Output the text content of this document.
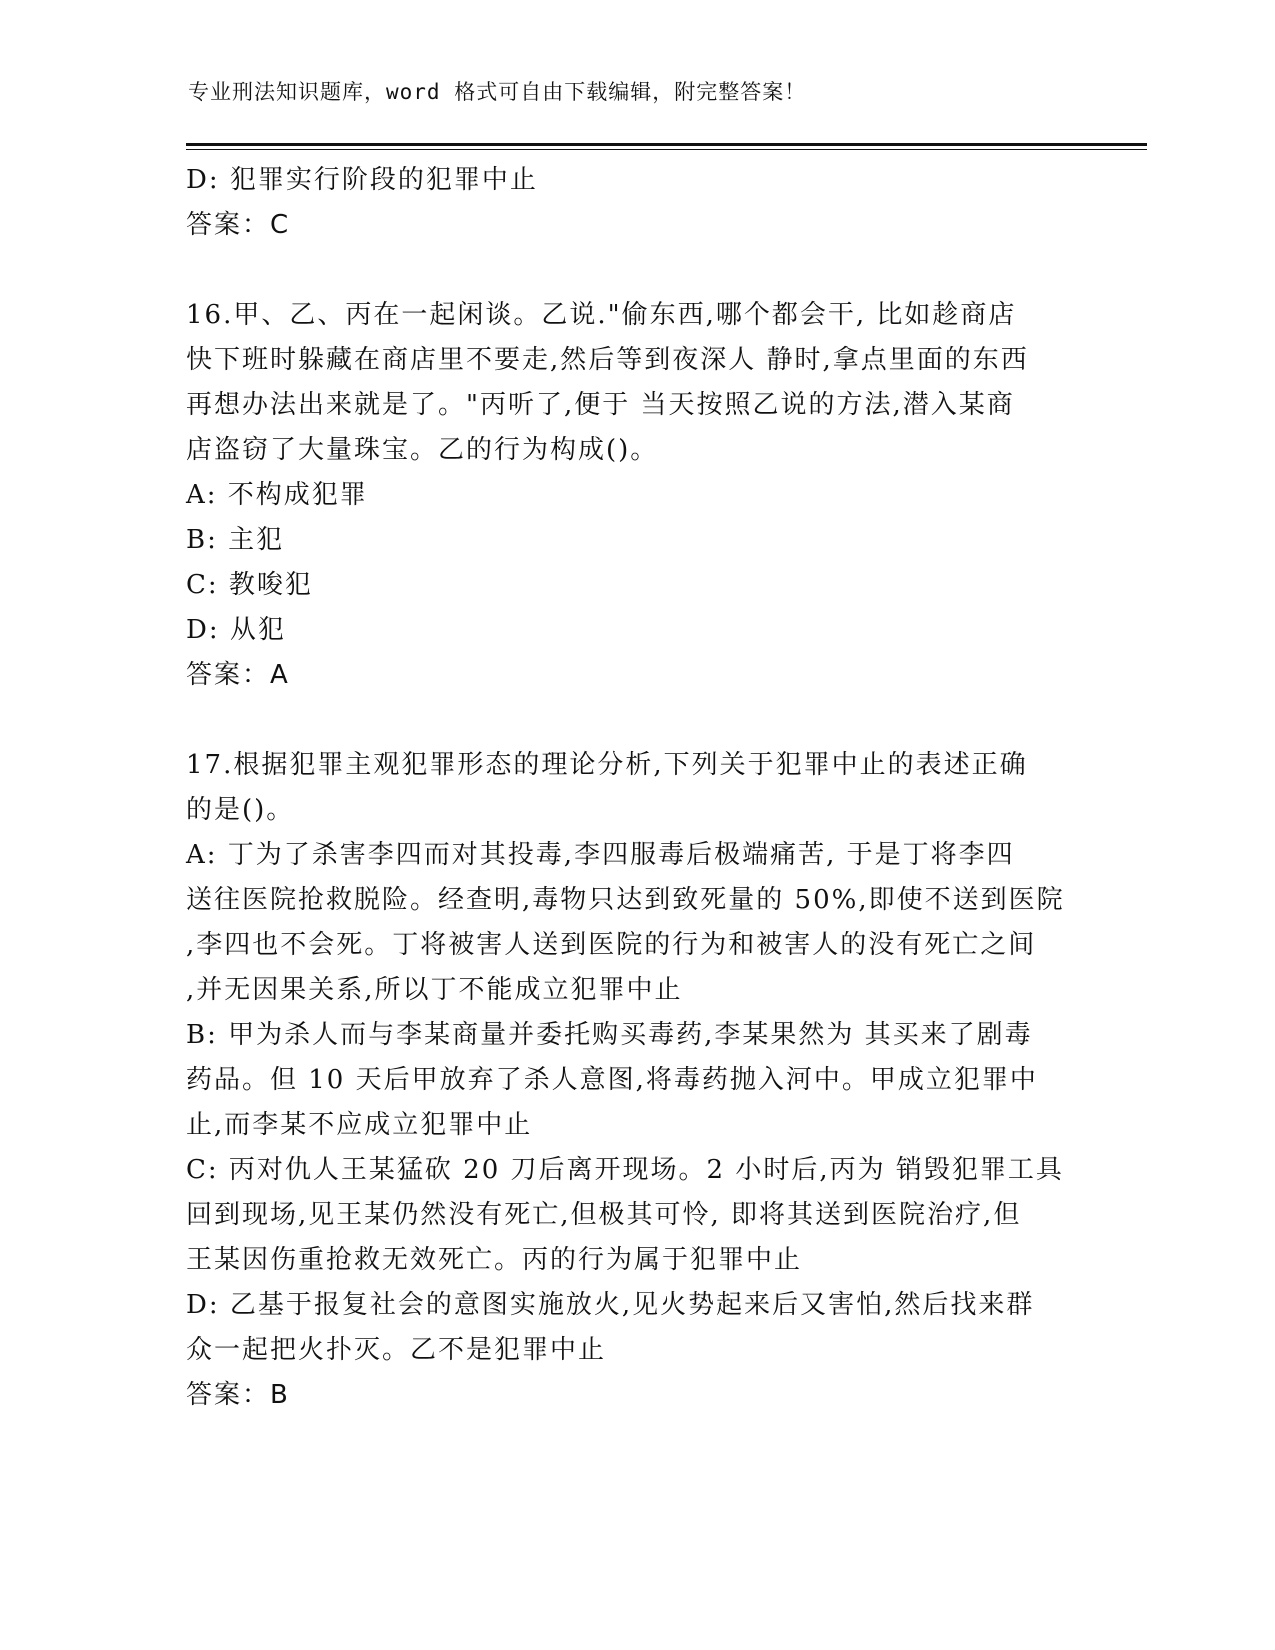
专业刑法知识题库，word 格式可自由下载编辑，附完整答案！

D: 犯罪实行阶段的犯罪中止

答案：C

16.甲、乙、丙在一起闲谈。乙说."偷东西,哪个都会干, 比如趁商店

快下班时躲藏在商店里不要走,然后等到夜深人 静时,拿点里面的东西

再想办法出来就是了。"丙听了,便于 当天按照乙说的方法,潜入某商

店盗窃了大量珠宝。乙的行为构成()。

A: 不构成犯罪

B: 主犯

C: 教唆犯

D: 从犯

答案：A

17.根据犯罪主观犯罪形态的理论分析,下列关于犯罪中止的表述正确

的是()。

A: 丁为了杀害李四而对其投毒,李四服毒后极端痛苦, 于是丁将李四

送往医院抢救脱险。经查明,毒物只达到致死量的 50%,即使不送到医院

,李四也不会死。丁将被害人送到医院的行为和被害人的没有死亡之间

,并无因果关系,所以丁不能成立犯罪中止

B: 甲为杀人而与李某商量并委托购买毒药,李某果然为 其买来了剧毒

药品。但 10 天后甲放弃了杀人意图,将毒药抛入河中。甲成立犯罪中

止,而李某不应成立犯罪中止

C: 丙对仇人王某猛砍 20 刀后离开现场。2 小时后,丙为 销毁犯罪工具

回到现场,见王某仍然没有死亡,但极其可怜, 即将其送到医院治疗,但

王某因伤重抢救无效死亡。丙的行为属于犯罪中止

D: 乙基于报复社会的意图实施放火,见火势起来后又害怕,然后找来群

众一起把火扑灭。乙不是犯罪中止

答案：B
